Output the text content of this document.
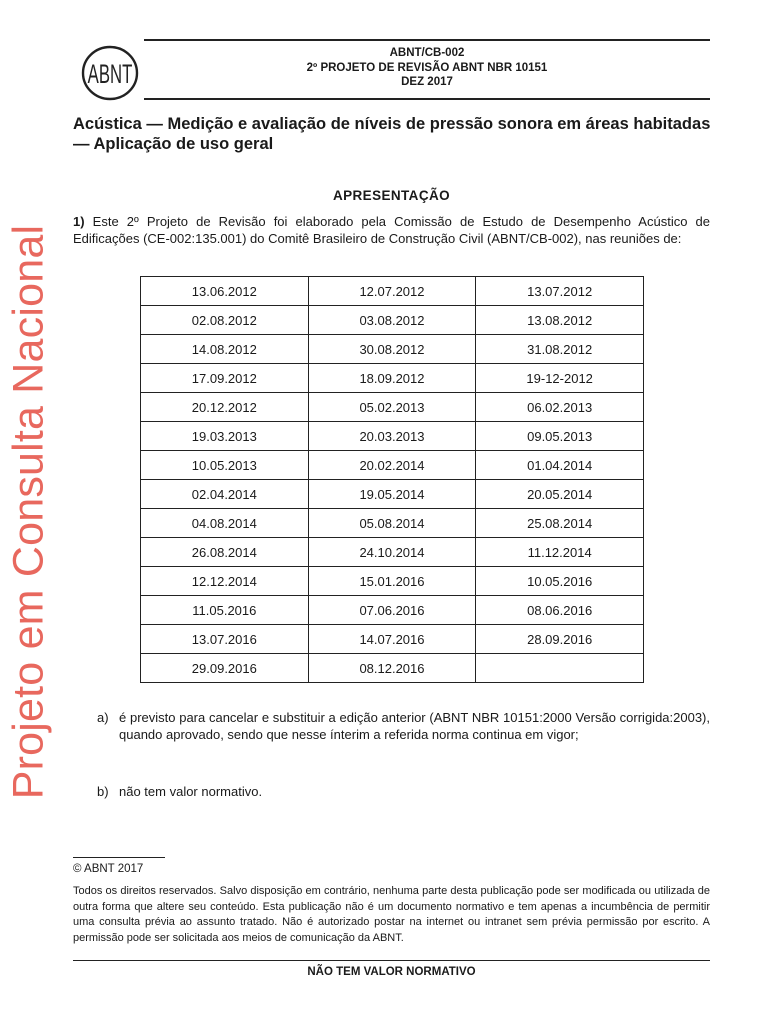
Projeto em Consulta Nacional
ABNT
ABNT/CB-002
2º PROJETO DE REVISÃO ABNT NBR 10151
DEZ 2017
Acústica — Medição e avaliação de níveis de pressão sonora em áreas habitadas — Aplicação de uso geral
APRESENTAÇÃO
1) Este 2º Projeto de Revisão foi elaborado pela Comissão de Estudo de Desempenho Acústico de Edificações (CE-002:135.001) do Comitê Brasileiro de Construção Civil (ABNT/CB-002), nas reuniões de:
13.06.2012	12.07.2012	13.07.2012
02.08.2012	03.08.2012	13.08.2012
14.08.2012	30.08.2012	31.08.2012
17.09.2012	18.09.2012	19-12-2012
20.12.2012	05.02.2013	06.02.2013
19.03.2013	20.03.2013	09.05.2013
10.05.2013	20.02.2014	01.04.2014
02.04.2014	19.05.2014	20.05.2014
04.08.2014	05.08.2014	25.08.2014
26.08.2014	24.10.2014	11.12.2014
12.12.2014	15.01.2016	10.05.2016
11.05.2016	07.06.2016	08.06.2016
13.07.2016	14.07.2016	28.09.2016
29.09.2016	08.12.2016	
a) é previsto para cancelar e substituir a edição anterior (ABNT NBR 10151:2000 Versão corrigida:2003), quando aprovado, sendo que nesse ínterim a referida norma continua em vigor;
b) não tem valor normativo.
© ABNT 2017
Todos os direitos reservados. Salvo disposição em contrário, nenhuma parte desta publicação pode ser modificada ou utilizada de outra forma que altere seu conteúdo. Esta publicação não é um documento normativo e tem apenas a incumbência de permitir uma consulta prévia ao assunto tratado. Não é autorizado postar na internet ou intranet sem prévia permissão por escrito. A permissão pode ser solicitada aos meios de comunicação da ABNT.
NÃO TEM VALOR NORMATIVO
